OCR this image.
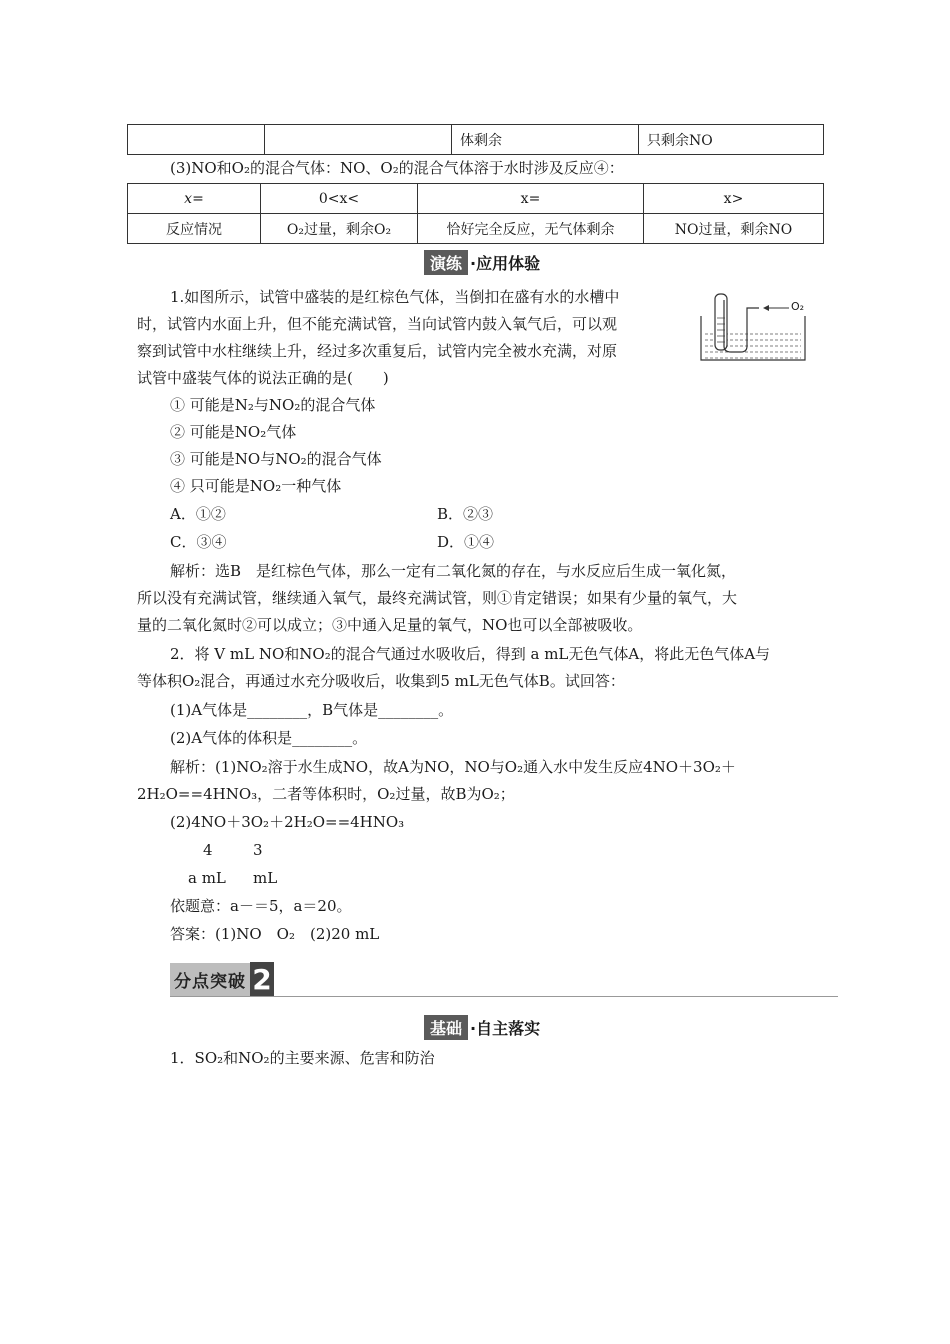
		体剩余	只剩余NO
(3)NO和O₂的混合气体：NO、O₂的混合气体溶于水时涉及反应④：
x=	0<x<	x=	x>
反应情况	O₂过量，剩余O₂	恰好完全反应，无气体剩余	NO过量，剩余NO
演练 ·应用体验
1.如图所示，试管中盛装的是红棕色气体，当倒扣在盛有水的水槽中
时，试管内水面上升，但不能充满试管，当向试管内鼓入氧气后，可以观
察到试管中水柱继续上升，经过多次重复后，试管内完全被水充满，对原
试管中盛装气体的说法正确的是(　　)
O₂
① 可能是N₂与NO₂的混合气体
② 可能是NO₂气体
③ 可能是NO与NO₂的混合气体
④ 只可能是NO₂一种气体
A．①②	B．②③
C．③④	D．①④
解析：选B　是红棕色气体，那么一定有二氧化氮的存在，与水反应后生成一氧化氮，
所以没有充满试管，继续通入氧气，最终充满试管，则①肯定错误；如果有少量的氧气，大
量的二氧化氮时②可以成立；③中通入足量的氧气，NO也可以全部被吸收。
2．将 V mL NO和NO₂的混合气通过水吸收后，得到 a mL无色气体A，将此无色气体A与
等体积O₂混合，再通过水充分吸收后，收集到5 mL无色气体B。试回答：
(1)A气体是________，B气体是________。
(2)A气体的体积是________。
解析：(1)NO₂溶于水生成NO，故A为NO，NO与O₂通入水中发生反应4NO＋3O₂＋
2H₂O==4HNO₃，二者等体积时，O₂过量，故B为O₂；
(2)4NO＋3O₂＋2H₂O==4HNO₃
4	3
a mL mL
依题意：a－＝5，a＝20。
答案：(1)NO　O₂　(2)20 mL
分点突破 2
基础 ·自主落实
1．SO₂和NO₂的主要来源、危害和防治
